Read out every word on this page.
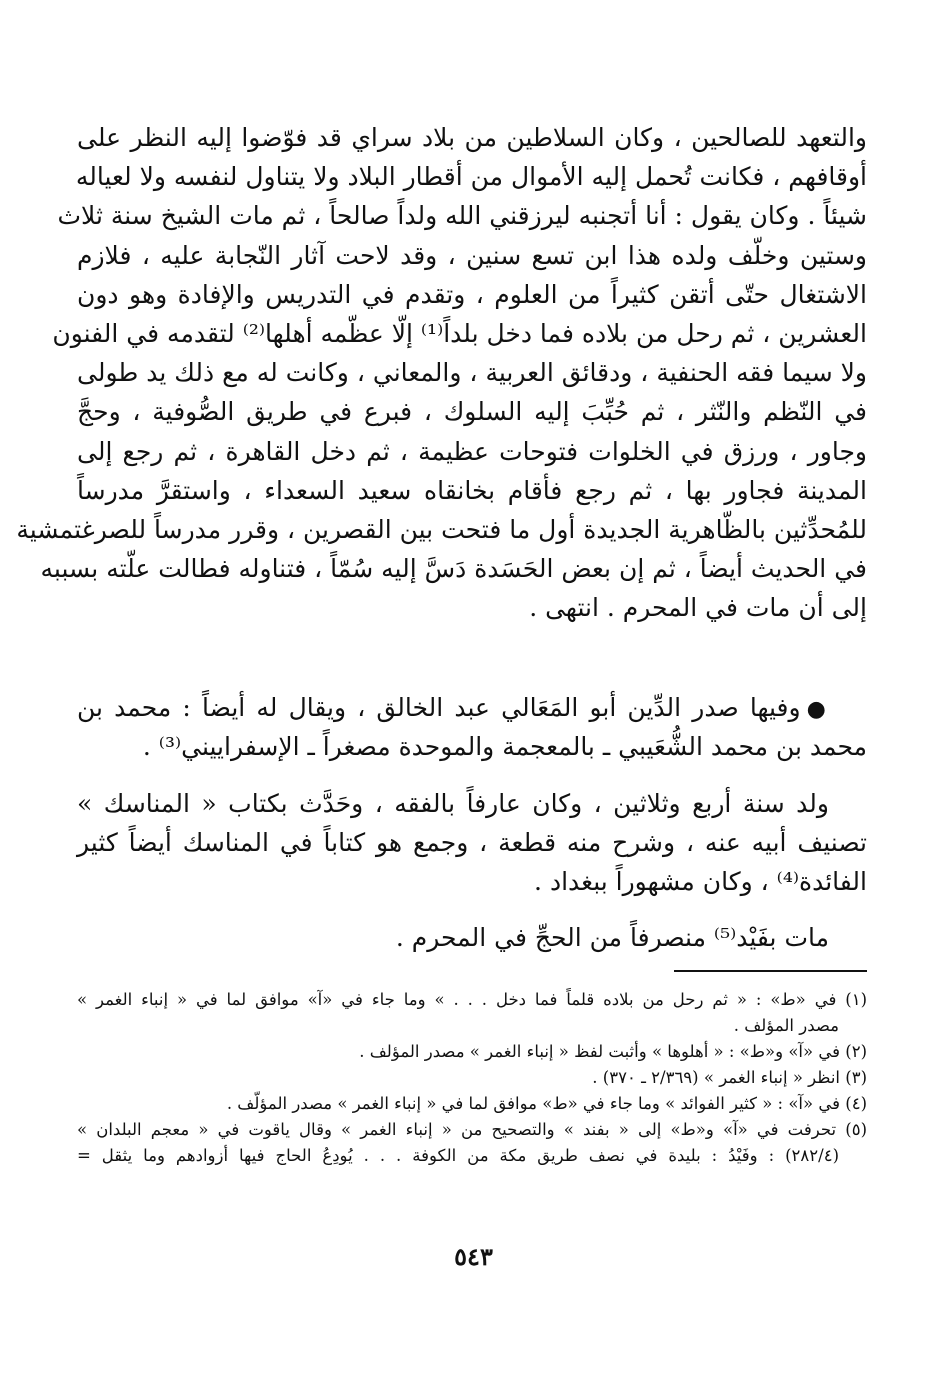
والتعهد للصالحين ، وكان السلاطين من بلاد سراي قد فوّضوا إليه النظر على
أوقافهم ، فكانت تُحمل إليه الأموال من أقطار البلاد ولا يتناول لنفسه ولا لعياله
شيئاً . وكان يقول : أنا أتجنبه ليرزقني الله ولداً صالحاً ، ثم مات الشيخ سنة ثلاث
وستين وخلّف ولده هذا ابن تسع سنين ، وقد لاحت آثار النّجابة عليه ، فلازم
الاشتغال حتّى أتقن كثيراً من العلوم ، وتقدم في التدريس والإفادة وهو دون
العشرين ، ثم رحل من بلاده فما دخل بلداً⁽¹⁾ إلّا عظّمه أهلها⁽²⁾ لتقدمه في الفنون
ولا سيما فقه الحنفية ، ودقائق العربية ، والمعاني ، وكانت له مع ذلك يد طولى
في النّظم والنّثر ، ثم حُبِّبَ إليه السلوك ، فبرع في طريق الصُّوفية ، وحجَّ
وجاور ، ورزق في الخلوات فتوحات عظيمة ، ثم دخل القاهرة ، ثم رجع إلى
المدينة فجاور بها ، ثم رجع فأقام بخانقاه سعيد السعداء ، واستقرَّ مدرساً
للمُحدِّثين بالظّاهرية الجديدة أول ما فتحت بين القصرين ، وقرر مدرساً للصرغتمشية
في الحديث أيضاً ، ثم إن بعض الحَسَدة دَسَّ إليه سُمّاً ، فتناوله فطالت علّته بسببه
إلى أن مات في المحرم . انتهى .
●وفيها صدر الدِّين أبو المَعَالي عبد الخالق ، ويقال له أيضاً : محمد بن
محمد بن محمد الشُّعَيبي ـ بالمعجمة والموحدة مصغراً ـ الإسفراييني⁽³⁾ .
ولد سنة أربع وثلاثين ، وكان عارفاً بالفقه ، وحَدَّث بكتاب « المناسك »
تصنيف أبيه عنه ، وشرح منه قطعة ، وجمع هو كتاباً في المناسك أيضاً كثير
الفائدة⁽⁴⁾ ، وكان مشهوراً ببغداد .
مات بفَيْد⁽⁵⁾ منصرفاً من الحجِّ في المحرم .
(١) في «ط» : « ثم رحل من بلاده قلماً فما دخل . . . » وما جاء في «آ» موافق لما في « إنباء الغمر »
مصدر المؤلف .
(٢) في «آ» و«ط» : « أهلوها » وأثبت لفظ « إنباء الغمر » مصدر المؤلف .
(٣) انظر « إنباء الغمر » (٢/٣٦٩ ـ ٣٧٠) .
(٤) في «آ» : « كثير الفوائد » وما جاء في «ط» موافق لما في « إنباء الغمر » مصدر المؤلّف .
(٥) تحرفت في «آ» و«ط» إلى « بفند » والتصحيح من « إنباء الغمر » وقال ياقوت في « معجم البلدان »
(٢٨٢/٤) : وفَيْدُ : بليدة في نصف طريق مكة من الكوفة . . . يُودِعُ الحاج فيها أزوادهم وما يثقل =
٥٤٣
